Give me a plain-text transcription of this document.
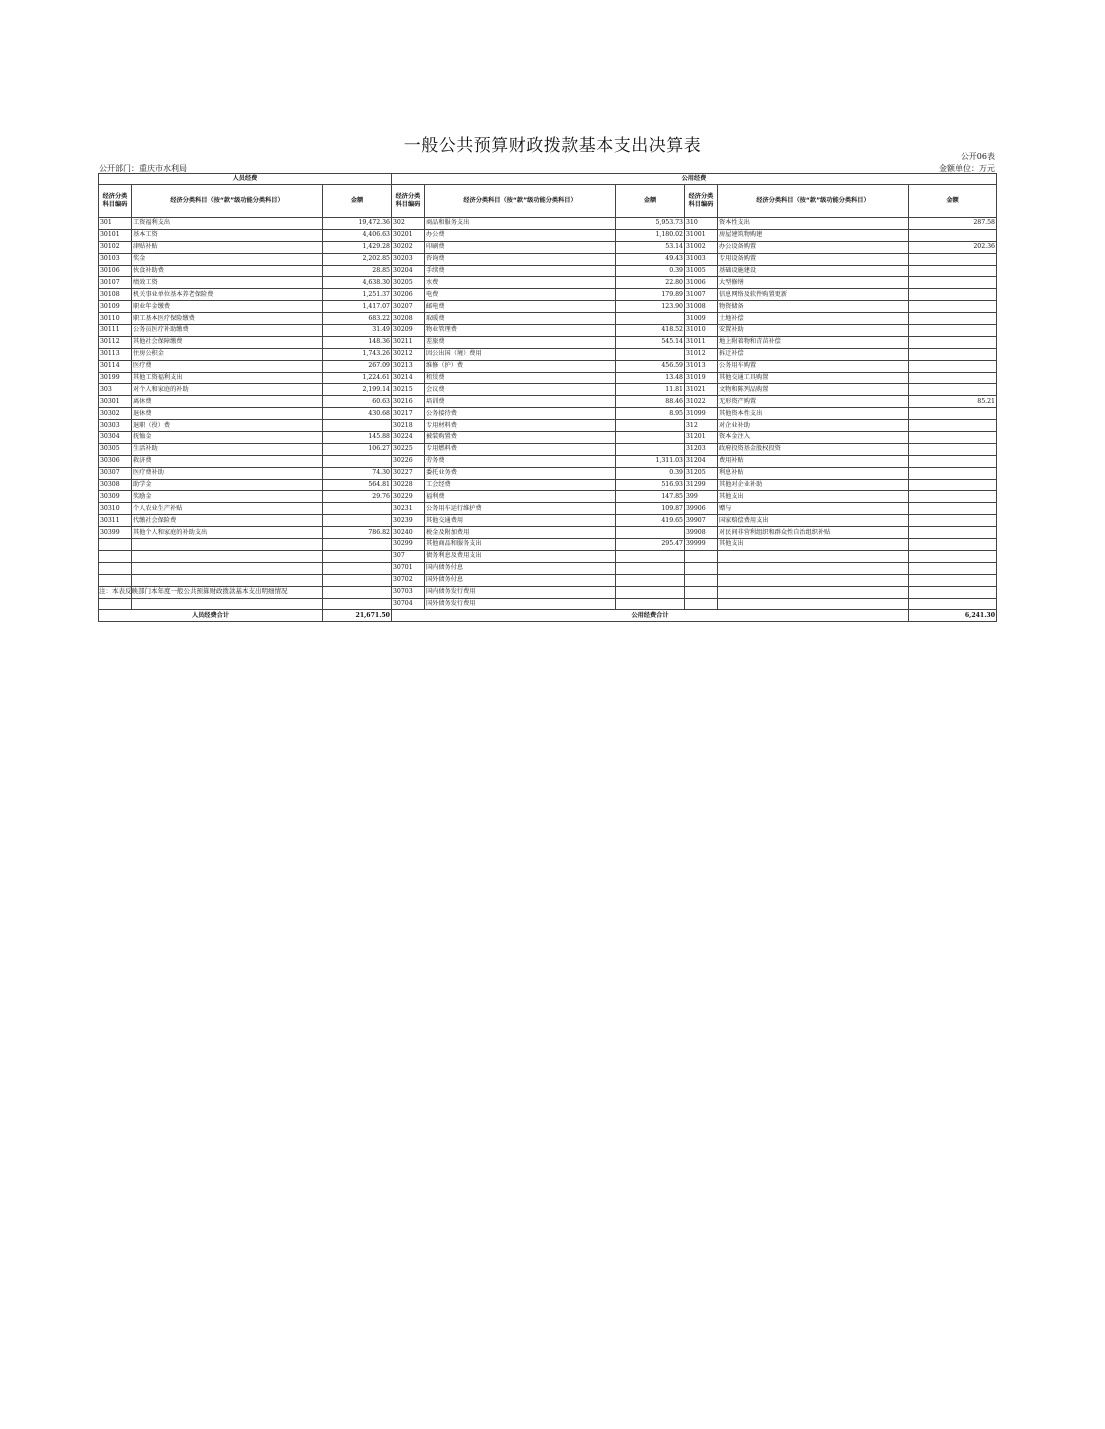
一般公共预算财政拨款基本支出决算表
公开06表
公开部门：重庆市水利局	金额单位：万元
人员经费			公用经费					
经济分类科目编码	经济分类科目（按“款”级功能分类科目）	金额	经济分类科目编码	经济分类科目（按“款”级功能分类科目）	金额	经济分类科目编码	经济分类科目（按“款”级功能分类科目）	金额
301	工资福利支出	19,472.36	302	商品和服务支出	5,953.73	310	资本性支出	287.58
30101	基本工资	4,406.63	30201	办公费	1,180.02	31001	房屋建筑物购建	
30102	津贴补贴	1,429.28	30202	印刷费	53.14	31002	办公设备购置	202.36
30103	奖金	2,202.85	30203	咨询费	49.43	31003	专用设备购置	
30106	伙食补助费	28.85	30204	手续费	0.39	31005	基础设施建设	
30107	绩效工资	4,638.30	30205	水费	22.80	31006	大型修缮	
30108	机关事业单位基本养老保险费	1,251.37	30206	电费	179.89	31007	信息网络及软件购置更新	
30109	职业年金缴费	1,417.07	30207	邮电费	123.90	31008	物资储备	
30110	职工基本医疗保险缴费	683.22	30208	取暖费		31009	土地补偿	
30111	公务员医疗补助缴费	31.49	30209	物业管理费	418.52	31010	安置补助	
30112	其他社会保障缴费	148.36	30211	差旅费	545.14	31011	地上附着物和青苗补偿	
30113	住房公积金	1,743.26	30212	因公出国（境）费用		31012	拆迁补偿	
30114	医疗费	267.09	30213	维修（护）费	456.59	31013	公务用车购置	
30199	其他工资福利支出	1,224.61	30214	租赁费	13.48	31019	其他交通工具购置	
303	对个人和家庭的补助	2,199.14	30215	会议费	11.81	31021	文物和陈列品购置	
30301	离休费	60.63	30216	培训费	88.46	31022	无形资产购置	85.21
30302	退休费	430.68	30217	公务接待费	8.95	31099	其他资本性支出	
30303	退职（役）费		30218	专用材料费		312	对企业补助	
30304	抚恤金	145.88	30224	被装购置费		31201	资本金注入	
30305	生活补助	106.27	30225	专用燃料费		31203	政府投资基金股权投资	
30306	救济费		30226	劳务费	1,311.03	31204	费用补贴	
30307	医疗费补助	74.30	30227	委托业务费	0.39	31205	利息补贴	
30308	助学金	564.81	30228	工会经费	516.93	31299	其他对企业补助	
30309	奖励金	29.76	30229	福利费	147.85	399	其他支出	
30310	个人农业生产补贴		30231	公务用车运行维护费	109.87	39906	赠与	
30311	代缴社会保险费		30239	其他交通费用	419.65	39907	国家赔偿费用支出	
30399	其他个人和家庭的补助支出	786.82	30240	税金及附加费用		39908	对民间非营利组织和群众性自治组织补贴	
			30299	其他商品和服务支出	295.47	39999	其他支出	
			307	债务利息及费用支出				
			30701	国内债务付息				
			30702	国外债务付息				
			30703	国内债务发行费用				
			30704	国外债务发行费用				
人员经费合计		21,671.50	公用经费合计					6,241.30
注：本表反映部门本年度一般公共预算财政拨款基本支出明细情况
